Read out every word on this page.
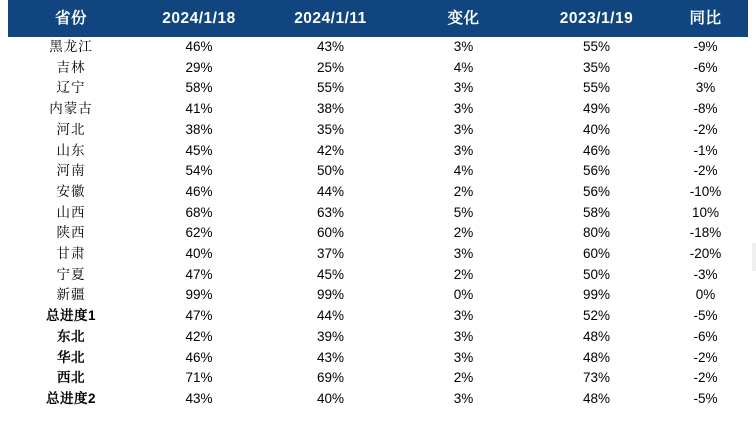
省份	2024/1/18	2024/1/11	变化	2023/1/19	同比
黑龙江	46%	43%	3%	55%	-9%
吉林	29%	25%	4%	35%	-6%
辽宁	58%	55%	3%	55%	3%
内蒙古	41%	38%	3%	49%	-8%
河北	38%	35%	3%	40%	-2%
山东	45%	42%	3%	46%	-1%
河南	54%	50%	4%	56%	-2%
安徽	46%	44%	2%	56%	-10%
山西	68%	63%	5%	58%	10%
陕西	62%	60%	2%	80%	-18%
甘肃	40%	37%	3%	60%	-20%
宁夏	47%	45%	2%	50%	-3%
新疆	99%	99%	0%	99%	0%
总进度1	47%	44%	3%	52%	-5%
东北	42%	39%	3%	48%	-6%
华北	46%	43%	3%	48%	-2%
西北	71%	69%	2%	73%	-2%
总进度2	43%	40%	3%	48%	-5%
